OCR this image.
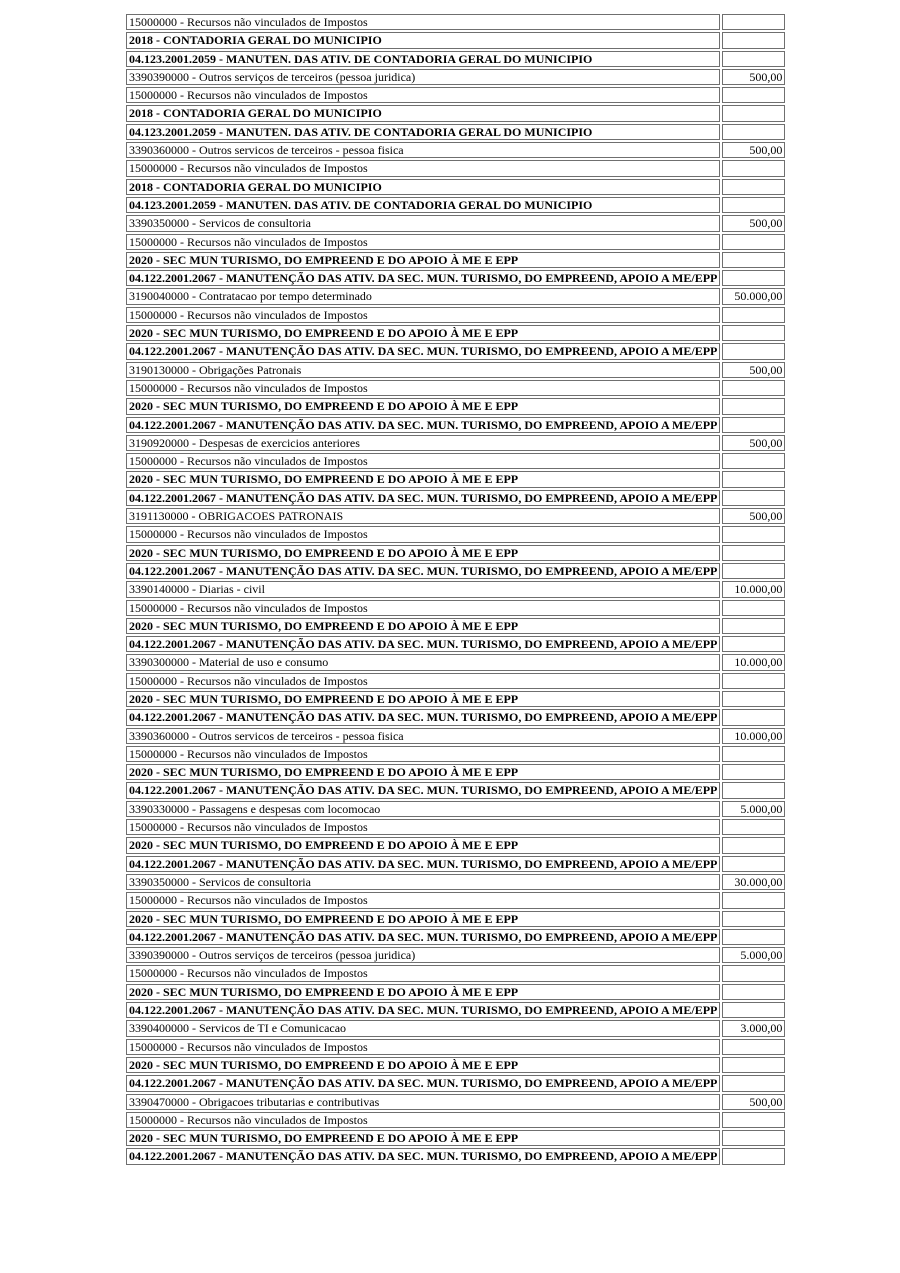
15000000 - Recursos não vinculados de Impostos	
2018 - CONTADORIA GERAL DO MUNICIPIO	
04.123.2001.2059 - MANUTEN. DAS ATIV. DE CONTADORIA GERAL DO MUNICIPIO	
3390390000 - Outros serviços de terceiros (pessoa juridica)	500,00
15000000 - Recursos não vinculados de Impostos	
2018 - CONTADORIA GERAL DO MUNICIPIO	
04.123.2001.2059 - MANUTEN. DAS ATIV. DE CONTADORIA GERAL DO MUNICIPIO	
3390360000 - Outros servicos de terceiros - pessoa fisica	500,00
15000000 - Recursos não vinculados de Impostos	
2018 - CONTADORIA GERAL DO MUNICIPIO	
04.123.2001.2059 - MANUTEN. DAS ATIV. DE CONTADORIA GERAL DO MUNICIPIO	
3390350000 - Servicos de consultoria	500,00
15000000 - Recursos não vinculados de Impostos	
2020 - SEC MUN TURISMO, DO EMPREEND E DO APOIO À ME E EPP	
04.122.2001.2067 - MANUTENÇÃO DAS ATIV. DA SEC. MUN. TURISMO, DO EMPREEND, APOIO A ME/EPP	
3190040000 - Contratacao por tempo determinado	50.000,00
15000000 - Recursos não vinculados de Impostos	
2020 - SEC MUN TURISMO, DO EMPREEND E DO APOIO À ME E EPP	
04.122.2001.2067 - MANUTENÇÃO DAS ATIV. DA SEC. MUN. TURISMO, DO EMPREEND, APOIO A ME/EPP	
3190130000 - Obrigações Patronais	500,00
15000000 - Recursos não vinculados de Impostos	
2020 - SEC MUN TURISMO, DO EMPREEND E DO APOIO À ME E EPP	
04.122.2001.2067 - MANUTENÇÃO DAS ATIV. DA SEC. MUN. TURISMO, DO EMPREEND, APOIO A ME/EPP	
3190920000 - Despesas de exercicios anteriores	500,00
15000000 - Recursos não vinculados de Impostos	
2020 - SEC MUN TURISMO, DO EMPREEND E DO APOIO À ME E EPP	
04.122.2001.2067 - MANUTENÇÃO DAS ATIV. DA SEC. MUN. TURISMO, DO EMPREEND, APOIO A ME/EPP	
3191130000 - OBRIGACOES PATRONAIS	500,00
15000000 - Recursos não vinculados de Impostos	
2020 - SEC MUN TURISMO, DO EMPREEND E DO APOIO À ME E EPP	
04.122.2001.2067 - MANUTENÇÃO DAS ATIV. DA SEC. MUN. TURISMO, DO EMPREEND, APOIO A ME/EPP	
3390140000 - Diarias - civil	10.000,00
15000000 - Recursos não vinculados de Impostos	
2020 - SEC MUN TURISMO, DO EMPREEND E DO APOIO À ME E EPP	
04.122.2001.2067 - MANUTENÇÃO DAS ATIV. DA SEC. MUN. TURISMO, DO EMPREEND, APOIO A ME/EPP	
3390300000 - Material de uso e consumo	10.000,00
15000000 - Recursos não vinculados de Impostos	
2020 - SEC MUN TURISMO, DO EMPREEND E DO APOIO À ME E EPP	
04.122.2001.2067 - MANUTENÇÃO DAS ATIV. DA SEC. MUN. TURISMO, DO EMPREEND, APOIO A ME/EPP	
3390360000 - Outros servicos de terceiros - pessoa fisica	10.000,00
15000000 - Recursos não vinculados de Impostos	
2020 - SEC MUN TURISMO, DO EMPREEND E DO APOIO À ME E EPP	
04.122.2001.2067 - MANUTENÇÃO DAS ATIV. DA SEC. MUN. TURISMO, DO EMPREEND, APOIO A ME/EPP	
3390330000 - Passagens e despesas com locomocao	5.000,00
15000000 - Recursos não vinculados de Impostos	
2020 - SEC MUN TURISMO, DO EMPREEND E DO APOIO À ME E EPP	
04.122.2001.2067 - MANUTENÇÃO DAS ATIV. DA SEC. MUN. TURISMO, DO EMPREEND, APOIO A ME/EPP	
3390350000 - Servicos de consultoria	30.000,00
15000000 - Recursos não vinculados de Impostos	
2020 - SEC MUN TURISMO, DO EMPREEND E DO APOIO À ME E EPP	
04.122.2001.2067 - MANUTENÇÃO DAS ATIV. DA SEC. MUN. TURISMO, DO EMPREEND, APOIO A ME/EPP	
3390390000 - Outros serviços de terceiros (pessoa juridica)	5.000,00
15000000 - Recursos não vinculados de Impostos	
2020 - SEC MUN TURISMO, DO EMPREEND E DO APOIO À ME E EPP	
04.122.2001.2067 - MANUTENÇÃO DAS ATIV. DA SEC. MUN. TURISMO, DO EMPREEND, APOIO A ME/EPP	
3390400000 - Servicos de TI e Comunicacao	3.000,00
15000000 - Recursos não vinculados de Impostos	
2020 - SEC MUN TURISMO, DO EMPREEND E DO APOIO À ME E EPP	
04.122.2001.2067 - MANUTENÇÃO DAS ATIV. DA SEC. MUN. TURISMO, DO EMPREEND, APOIO A ME/EPP	
3390470000 - Obrigacoes tributarias e contributivas	500,00
15000000 - Recursos não vinculados de Impostos	
2020 - SEC MUN TURISMO, DO EMPREEND E DO APOIO À ME E EPP	
04.122.2001.2067 - MANUTENÇÃO DAS ATIV. DA SEC. MUN. TURISMO, DO EMPREEND, APOIO A ME/EPP	
